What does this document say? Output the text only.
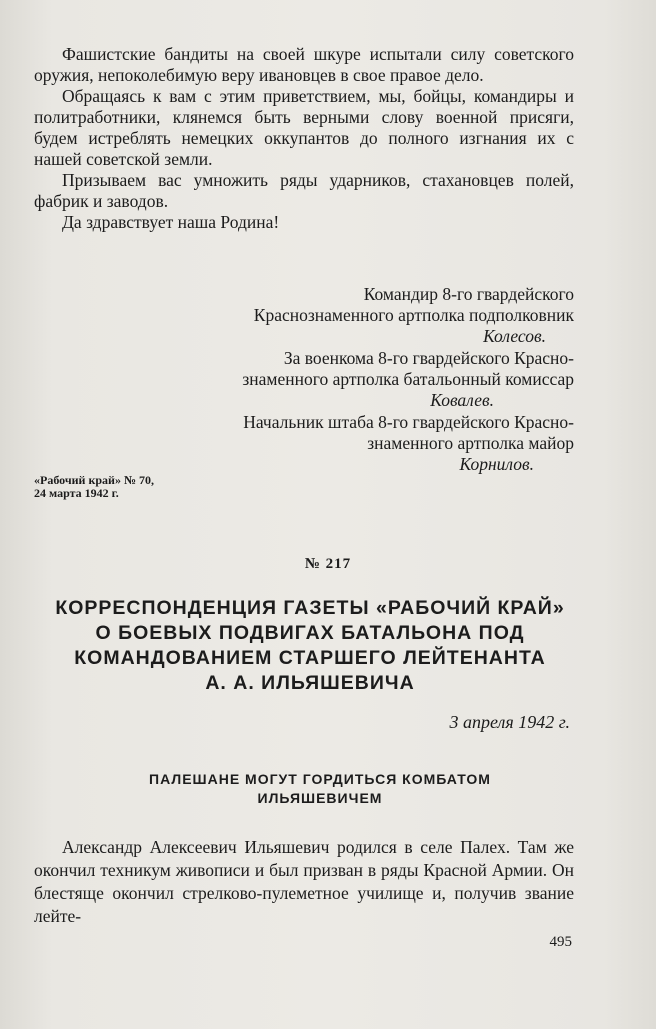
Фашистские бандиты на своей шкуре испытали силу советского оружия, непоколебимую веру ивановцев в свое правое дело.

Обращаясь к вам с этим приветствием, мы, бойцы, командиры и политработники, клянемся быть верными слову военной присяги, будем истреблять немецких оккупантов до полного изгнания их с нашей советской земли.

Призываем вас умножить ряды ударников, стахановцев полей, фабрик и заводов.

Да здравствует наша Родина!

Командир 8-го гвардейского
Краснознаменного артполка подполковник
Колесов.
За военкома 8-го гвардейского Красно-
знаменного артполка батальонный комиссар
Ковалев.
Начальник штаба 8-го гвардейского Красно-
знаменного артполка майор
Корнилов.
«Рабочий край» № 70,
24 марта 1942 г.
№ 217
КОРРЕСПОНДЕНЦИЯ ГАЗЕТЫ «РАБОЧИЙ КРАЙ»
О БОЕВЫХ ПОДВИГАХ БАТАЛЬОНА ПОД
КОМАНДОВАНИЕМ СТАРШЕГО ЛЕЙТЕНАНТА
А. А. ИЛЬЯШЕВИЧА
3 апреля 1942 г.
ПАЛЕШАНЕ МОГУТ ГОРДИТЬСЯ КОМБАТОМ
ИЛЬЯШЕВИЧЕМ

Александр Алексеевич Ильяшевич родился в селе Палех. Там же окончил техникум живописи и был призван в ряды Красной Армии. Он блестяще окончил стрелково-пулеметное училище и, получив звание лейте-

495
